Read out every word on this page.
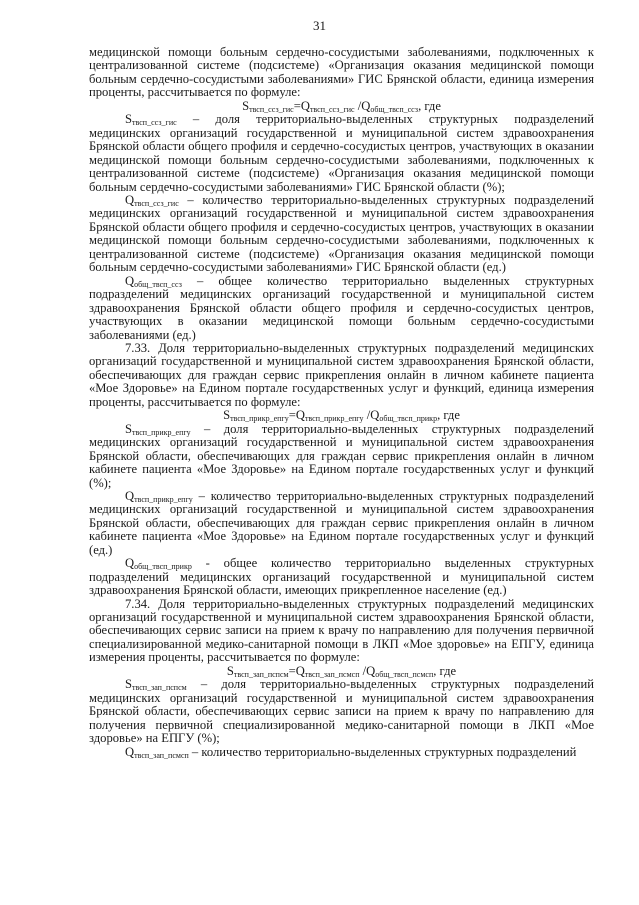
31

медицинской помощи больным сердечно-сосудистыми заболеваниями, подключенных к централизованной системе (подсистеме) «Организация оказания медицинской помощи больным сердечно-сосудистыми заболеваниями» ГИС Брянской области, единица измерения проценты, рассчитывается по формуле:

$S_{твсп\_ссз\_гис}=Q_{твсп\_ссз\_гис}$ $/Q_{общ\_твсп\_ссз}$, где

$S_{твсп\_ссз\_гис}$ – доля территориально-выделенных структурных подразделений медицинских организаций государственной и муниципальной систем здравоохранения Брянской области общего профиля и сердечно-сосудистых центров, участвующих в оказании медицинской помощи больным сердечно-сосудистыми заболеваниями, подключенных к централизованной системе (подсистеме) «Организация оказания медицинской помощи больным сердечно-сосудистыми заболеваниями» ГИС Брянской области (%);

$Q_{твсп\_ссз\_гис}$ – количество территориально-выделенных структурных подразделений медицинских организаций государственной и муниципальной систем здравоохранения Брянской области общего профиля и сердечно-сосудистых центров, участвующих в оказании медицинской помощи больным сердечно-сосудистыми заболеваниями, подключенных к централизованной системе (подсистеме) «Организация оказания медицинской помощи больным сердечно-сосудистыми заболеваниями» ГИС Брянской области (ед.)

$Q_{общ\_твсп\_ссз}$ – общее количество территориально выделенных структурных подразделений медицинских организаций государственной и муниципальной систем здравоохранения Брянской области общего профиля и сердечно-сосудистых центров, участвующих в оказании медицинской помощи больным сердечно-сосудистыми заболеваниями (ед.)

7.33. Доля территориально-выделенных структурных подразделений медицинских организаций государственной и муниципальной систем здравоохранения Брянской области, обеспечивающих для граждан сервис прикрепления онлайн в личном кабинете пациента «Мое Здоровье» на Едином портале государственных услуг и функций, единица измерения проценты, рассчитывается по формуле:

$S_{твсп\_прикр\_епгу}=Q_{твсп\_прикр\_епгу}$ $/Q_{общ\_твсп\_прикр}$, где

$S_{твсп\_прикр\_епгу}$ – доля территориально-выделенных структурных подразделений медицинских организаций государственной и муниципальной систем здравоохранения Брянской области, обеспечивающих для граждан сервис прикрепления онлайн в личном кабинете пациента «Мое Здоровье» на Едином портале государственных услуг и функций (%);

$Q_{твсп\_прикр\_епгу}$ – количество территориально-выделенных структурных подразделений медицинских организаций государственной и муниципальной систем здравоохранения Брянской области, обеспечивающих для граждан сервис прикрепления онлайн в личном кабинете пациента «Мое Здоровье» на Едином портале государственных услуг и функций (ед.)

$Q_{общ\_твсп\_прикр}$ - общее количество территориально выделенных структурных подразделений медицинских организаций государственной и муниципальной систем здравоохранения Брянской области, имеющих прикрепленное население (ед.)

7.34. Доля территориально-выделенных структурных подразделений медицинских организаций государственной и муниципальной систем здравоохранения Брянской области, обеспечивающих сервис записи на прием к врачу по направлению для получения первичной специализированной медико-санитарной помощи в ЛКП «Мое здоровье» на ЕПГУ, единица измерения проценты, рассчитывается по формуле:

$S_{твсп\_зап\_пспсм}=Q_{твсп\_зап\_пcмсп}$ $/Q_{общ\_твсп\_пcмсп}$, где

$S_{твсп\_зап\_пспсм}$ – доля территориально-выделенных структурных подразделений медицинских организаций государственной и муниципальной систем здравоохранения Брянской области, обеспечивающих сервис записи на прием к врачу по направлению для получения первичной специализированной медико-санитарной помощи в ЛКП «Мое здоровье» на ЕПГУ (%);

$Q_{твсп\_зап\_пcмсп}$ – количество территориально-выделенных структурных подразделений
